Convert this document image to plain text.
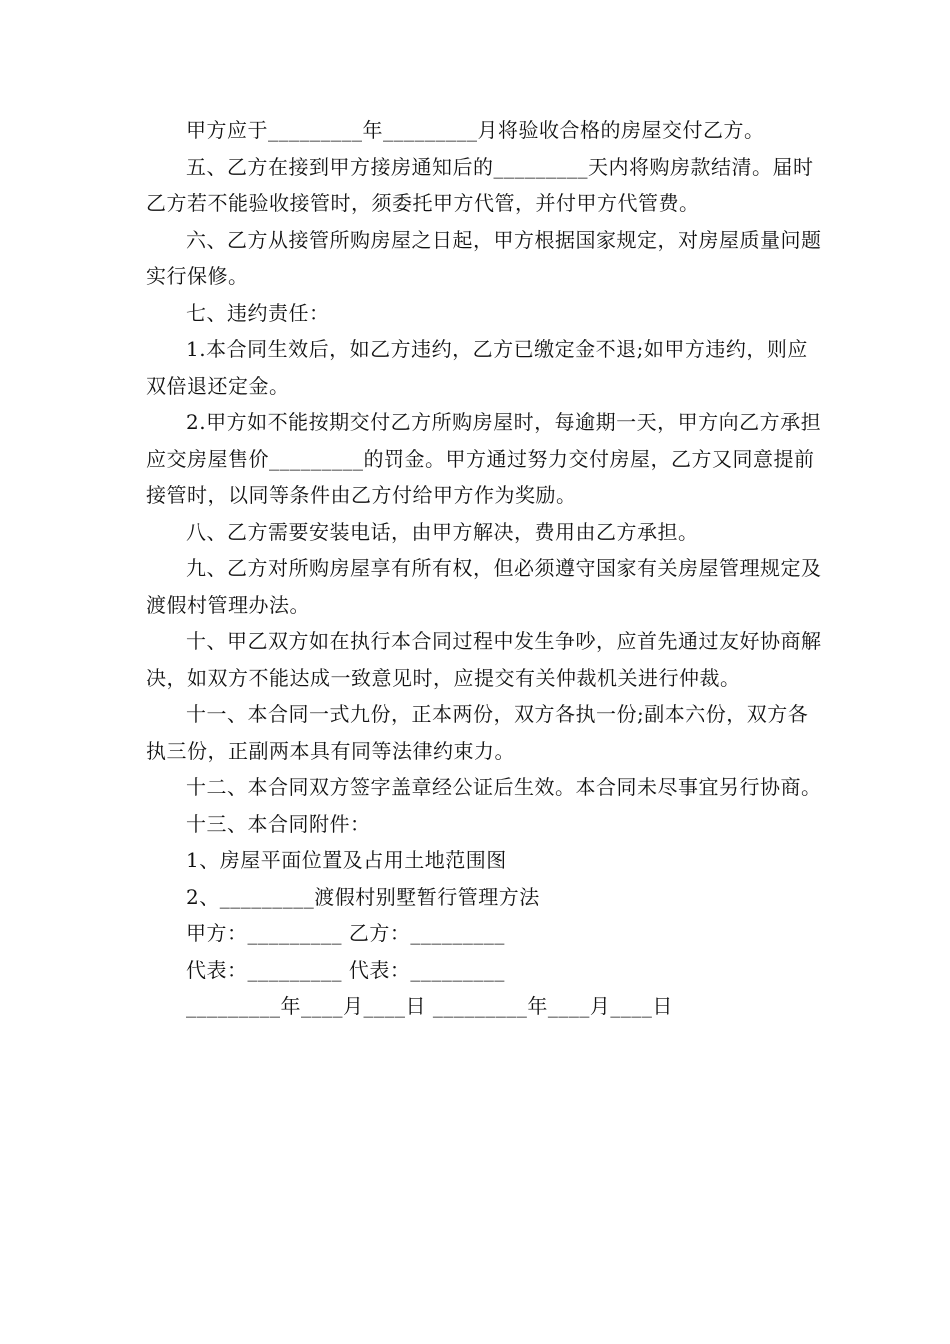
甲方应于_________年_________月将验收合格的房屋交付乙方。

五、乙方在接到甲方接房通知后的_________天内将购房款结清。届时乙方若不能验收接管时，须委托甲方代管，并付甲方代管费。

六、乙方从接管所购房屋之日起，甲方根据国家规定，对房屋质量问题实行保修。

七、违约责任：

1.本合同生效后，如乙方违约，乙方已缴定金不退;如甲方违约，则应双倍退还定金。

2.甲方如不能按期交付乙方所购房屋时，每逾期一天，甲方向乙方承担应交房屋售价_________的罚金。甲方通过努力交付房屋，乙方又同意提前接管时，以同等条件由乙方付给甲方作为奖励。

八、乙方需要安装电话，由甲方解决，费用由乙方承担。

九、乙方对所购房屋享有所有权，但必须遵守国家有关房屋管理规定及渡假村管理办法。

十、甲乙双方如在执行本合同过程中发生争吵，应首先通过友好协商解决，如双方不能达成一致意见时，应提交有关仲裁机关进行仲裁。

十一、本合同一式九份，正本两份，双方各执一份;副本六份，双方各执三份，正副两本具有同等法律约束力。

十二、本合同双方签字盖章经公证后生效。本合同未尽事宜另行协商。

十三、本合同附件：

1、房屋平面位置及占用土地范围图

2、_________渡假村别墅暂行管理方法

甲方：_________ 乙方：_________

代表：_________ 代表：_________

_________年____月____日 _________年____月____日
